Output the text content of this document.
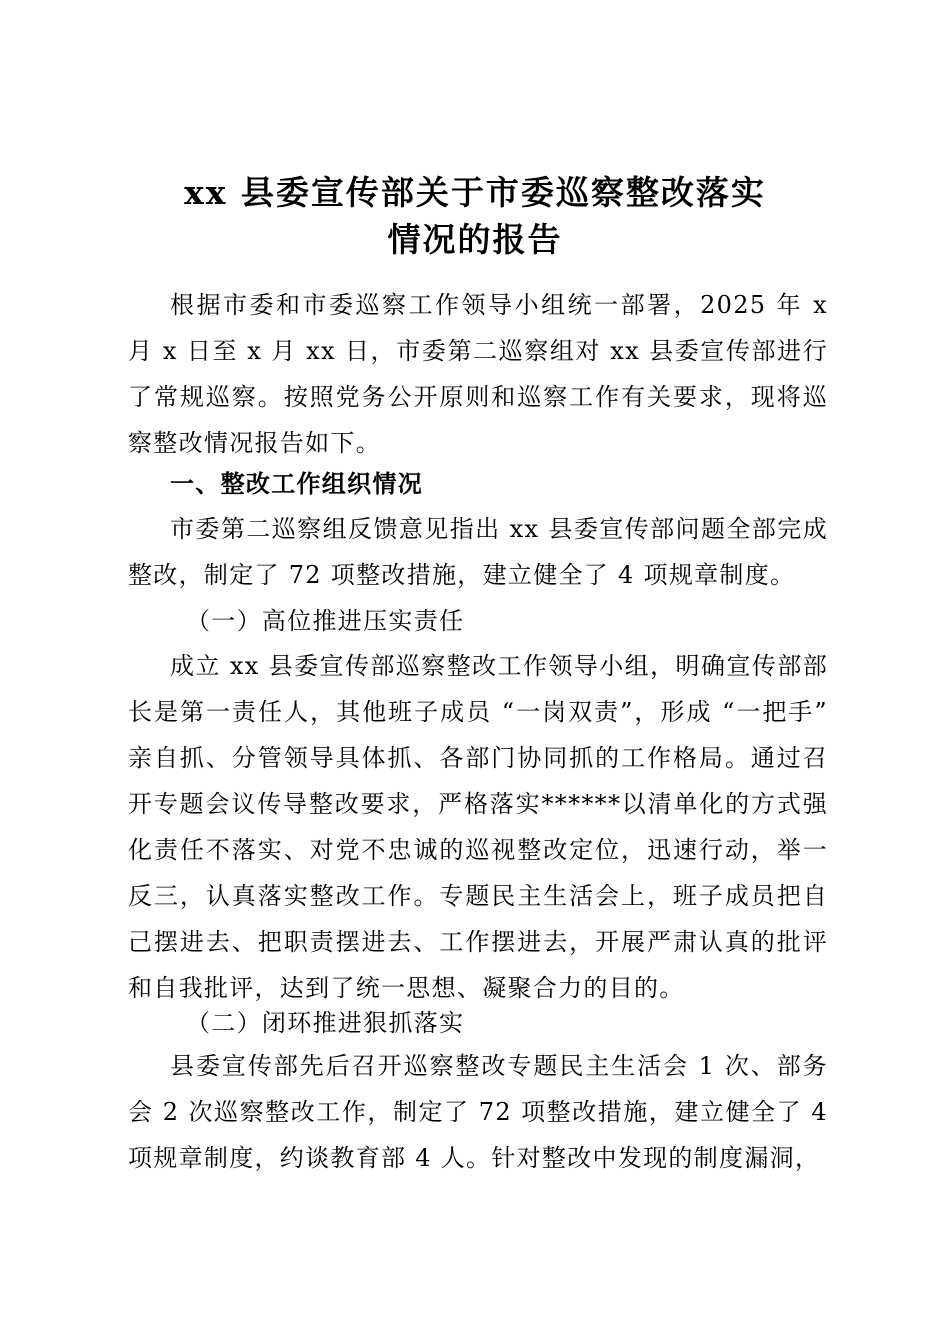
xx 县委宣传部关于市委巡察整改落实
情况的报告

根据市委和市委巡察工作领导小组统一部署，2025 年 x 月 x 日至 x 月 xx 日，市委第二巡察组对 xx 县委宣传部进行了常规巡察。按照党务公开原则和巡察工作有关要求，现将巡察整改情况报告如下。

一、整改工作组织情况

市委第二巡察组反馈意见指出 xx 县委宣传部问题全部完成整改，制定了 72 项整改措施，建立健全了 4 项规章制度。

（一）高位推进压实责任

成立 xx 县委宣传部巡察整改工作领导小组，明确宣传部部长是第一责任人，其他班子成员 “一岗双责”，形成 “一把手” 亲自抓、分管领导具体抓、各部门协同抓的工作格局。通过召开专题会议传导整改要求，严格落实******以清单化的方式强化责任不落实、对党不忠诚的巡视整改定位，迅速行动，举一反三，认真落实整改工作。专题民主生活会上，班子成员把自己摆进去、把职责摆进去、工作摆进去，开展严肃认真的批评和自我批评，达到了统一思想、凝聚合力的目的。

（二）闭环推进狠抓落实

县委宣传部先后召开巡察整改专题民主生活会 1 次、部务会 2 次巡察整改工作，制定了 72 项整改措施，建立健全了 4 项规章制度，约谈教育部 4 人。针对整改中发现的制度漏洞，
